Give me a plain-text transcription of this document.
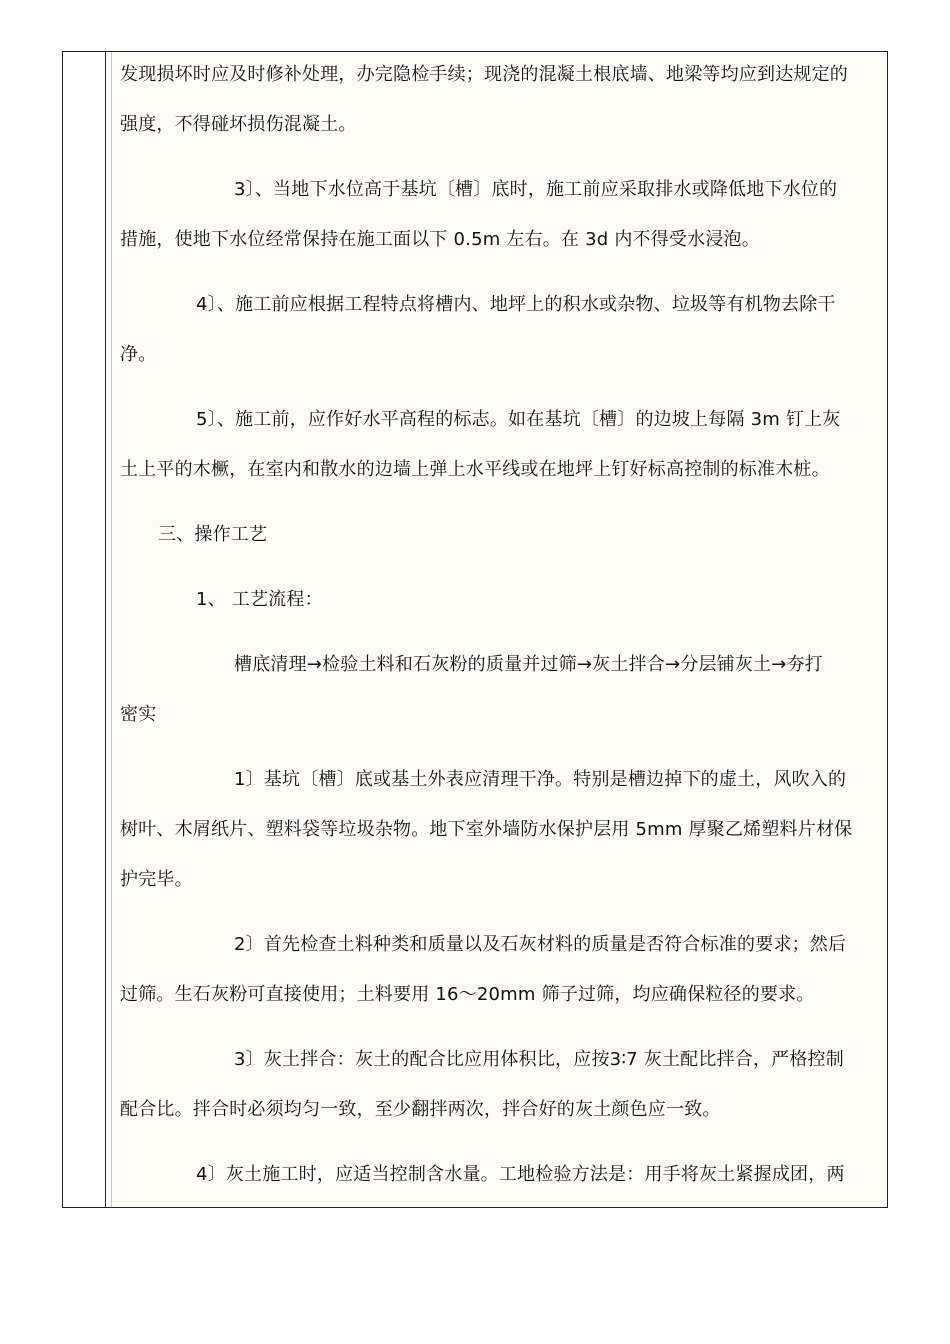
发现损坏时应及时修补处理，办完隐检手续；现浇的混凝土根底墙、地梁等均应到达规定的
强度，不得碰坏损伤混凝土。
3〕、当地下水位高于基坑〔槽〕底时，施工前应采取排水或降低地下水位的
措施，使地下水位经常保持在施工面以下 0.5m 左右。在 3d 内不得受水浸泡。
4〕、施工前应根据工程特点将槽内、地坪上的积水或杂物、垃圾等有机物去除干
净。
5〕、施工前，应作好水平高程的标志。如在基坑〔槽〕的边坡上每隔 3m 钉上灰
土上平的木橛，在室内和散水的边墙上弹上水平线或在地坪上钉好标高控制的标准木桩。
三、操作工艺
1、 工艺流程：
槽底清理→检验土料和石灰粉的质量并过筛→灰土拌合→分层铺灰土→夯打
密实
1〕基坑〔槽〕底或基土外表应清理干净。特别是槽边掉下的虚土，风吹入的
树叶、木屑纸片、塑料袋等垃圾杂物。地下室外墙防水保护层用 5mm 厚聚乙烯塑料片材保
护完毕。
2〕首先检查土料种类和质量以及石灰材料的质量是否符合标准的要求；然后
过筛。生石灰粉可直接使用；土料要用 16～20mm 筛子过筛，均应确保粒径的要求。
3〕灰土拌合：灰土的配合比应用体积比，应按3∶7 灰土配比拌合，严格控制
配合比。拌合时必须均匀一致，至少翻拌两次，拌合好的灰土颜色应一致。
4〕灰土施工时，应适当控制含水量。工地检验方法是：用手将灰土紧握成团，两
